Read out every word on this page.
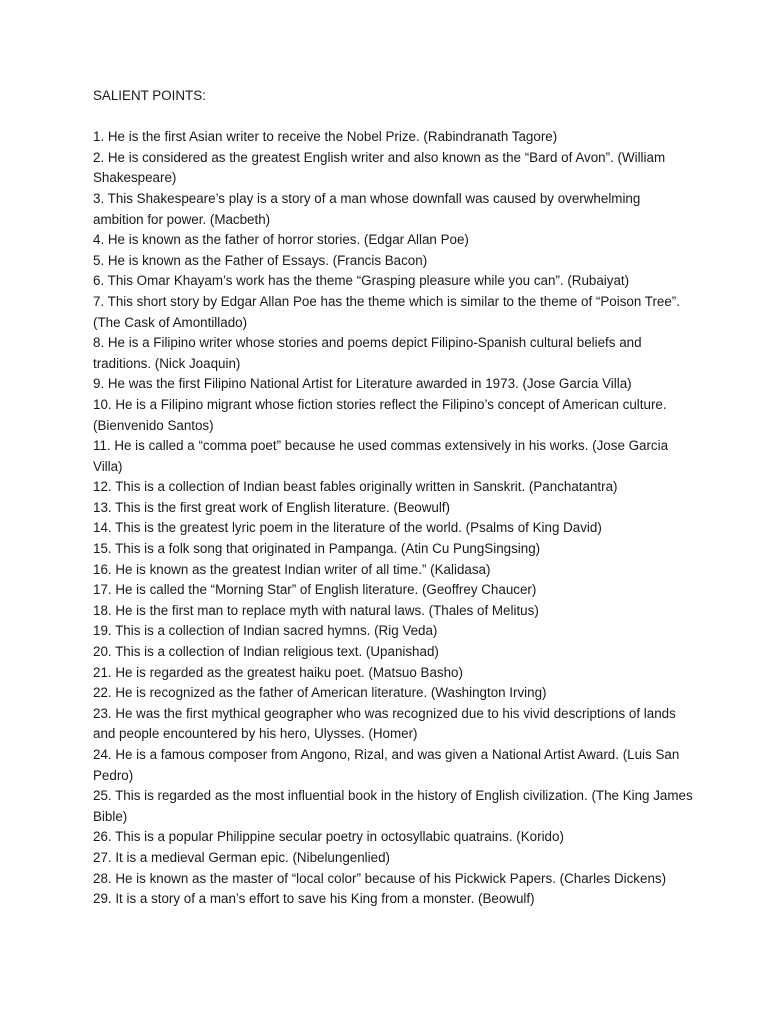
SALIENT POINTS:
1. He is the first Asian writer to receive the Nobel Prize. (Rabindranath Tagore)
2. He is considered as the greatest English writer and also known as the “Bard of Avon”. (William Shakespeare)
3. This Shakespeare’s play is a story of a man whose downfall was caused by overwhelming ambition for power. (Macbeth)
4. He is known as the father of horror stories. (Edgar Allan Poe)
5. He is known as the Father of Essays. (Francis Bacon)
6. This Omar Khayam’s work has the theme “Grasping pleasure while you can”. (Rubaiyat)
7. This short story by Edgar Allan Poe has the theme which is similar to the theme of “Poison Tree”. (The Cask of Amontillado)
8. He is a Filipino writer whose stories and poems depict Filipino-Spanish cultural beliefs and traditions. (Nick Joaquin)
9. He was the first Filipino National Artist for Literature awarded in 1973. (Jose Garcia Villa)
10. He is a Filipino migrant whose fiction stories reflect the Filipino’s concept of American culture. (Bienvenido Santos)
11. He is called a “comma poet” because he used commas extensively in his works. (Jose Garcia Villa)
12. This is a collection of Indian beast fables originally written in Sanskrit. (Panchatantra)
13. This is the first great work of English literature. (Beowulf)
14. This is the greatest lyric poem in the literature of the world. (Psalms of King David)
15. This is a folk song that originated in Pampanga. (Atin Cu PungSingsing)
16. He is known as the greatest Indian writer of all time.” (Kalidasa)
17. He is called the “Morning Star” of English literature. (Geoffrey Chaucer)
18. He is the first man to replace myth with natural laws. (Thales of Melitus)
19. This is a collection of Indian sacred hymns. (Rig Veda)
20. This is a collection of Indian religious text. (Upanishad)
21. He is regarded as the greatest haiku poet. (Matsuo Basho)
22. He is recognized as the father of American literature. (Washington Irving)
23. He was the first mythical geographer who was recognized due to his vivid descriptions of lands and people encountered by his hero, Ulysses. (Homer)
24. He is a famous composer from Angono, Rizal, and was given a National Artist Award. (Luis San Pedro)
25. This is regarded as the most influential book in the history of English civilization. (The King James Bible)
26. This is a popular Philippine secular poetry in octosyllabic quatrains. (Korido)
27. It is a medieval German epic. (Nibelungenlied)
28. He is known as the master of “local color” because of his Pickwick Papers. (Charles Dickens)
29. It is a story of a man’s effort to save his King from a monster. (Beowulf)
